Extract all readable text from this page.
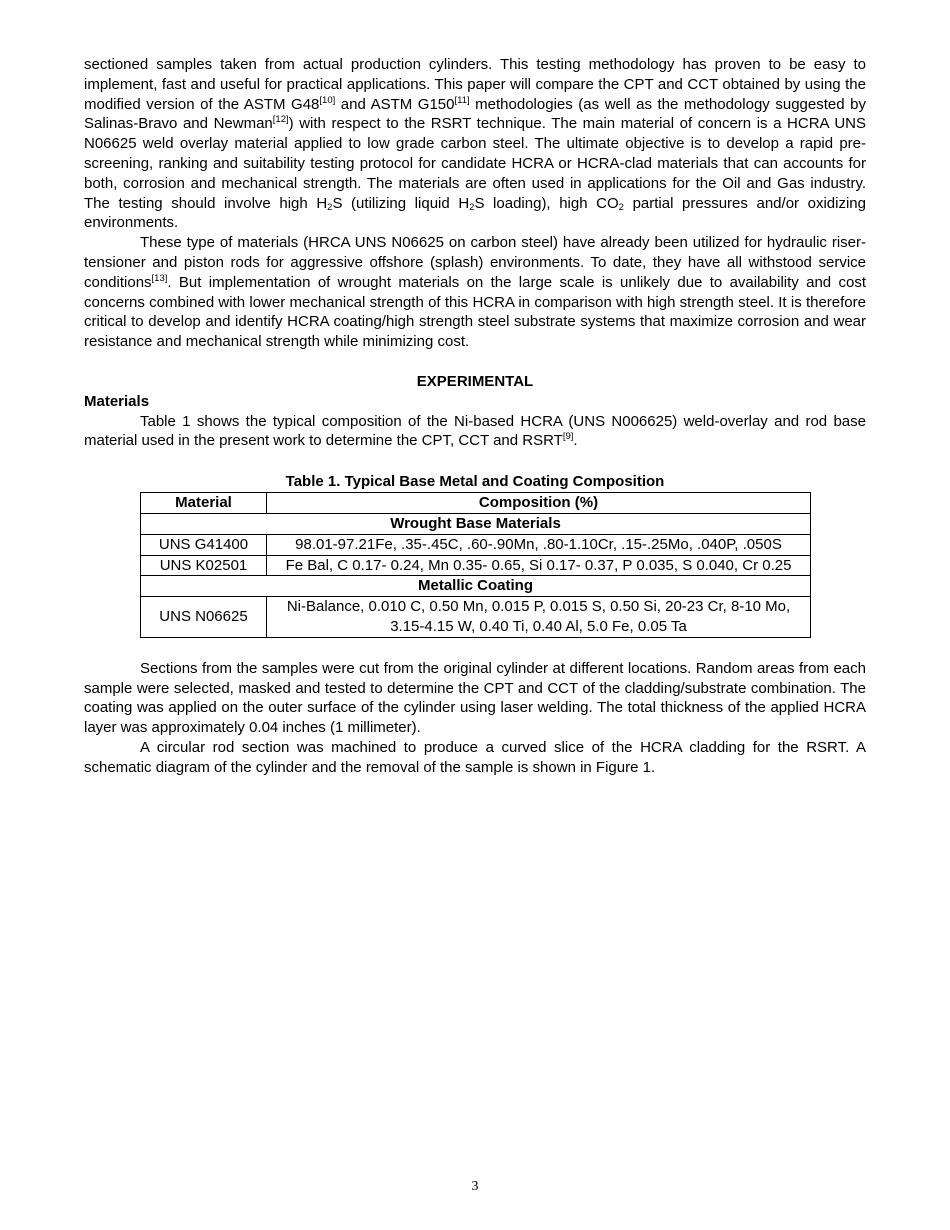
sectioned samples taken from actual production cylinders. This testing methodology has proven to be easy to implement, fast and useful for practical applications. This paper will compare the CPT and CCT obtained by using the modified version of the ASTM G48[10] and ASTM G150[11] methodologies (as well as the methodology suggested by Salinas-Bravo and Newman[12]) with respect to the RSRT technique. The main material of concern is a HCRA UNS N06625 weld overlay material applied to low grade carbon steel. The ultimate objective is to develop a rapid pre-screening, ranking and suitability testing protocol for candidate HCRA or HCRA-clad materials that can accounts for both, corrosion and mechanical strength. The materials are often used in applications for the Oil and Gas industry. The testing should involve high $H_2S$ (utilizing liquid $H_2S$ loading), high $CO_2$ partial pressures and/or oxidizing environments.

These type of materials (HRCA UNS N06625 on carbon steel) have already been utilized for hydraulic riser-tensioner and piston rods for aggressive offshore (splash) environments. To date, they have all withstood service conditions[13]. But implementation of wrought materials on the large scale is unlikely due to availability and cost concerns combined with lower mechanical strength of this HCRA in comparison with high strength steel. It is therefore critical to develop and identify HCRA coating/high strength steel substrate systems that maximize corrosion and wear resistance and mechanical strength while minimizing cost.

EXPERIMENTAL
Materials

Table 1 shows the typical composition of the Ni-based HCRA (UNS N006625) weld-overlay and rod base material used in the present work to determine the CPT, CCT and RSRT[9].

Table 1. Typical Base Metal and Coating Composition
Material	Composition (%)
Wrought Base Materials	
UNS G41400	98.01-97.21Fe, .35-.45C, .60-.90Mn, .80-1.10Cr, .15-.25Mo, .040P, .050S
UNS K02501	Fe Bal, C 0.17- 0.24, Mn 0.35- 0.65, Si 0.17- 0.37, P 0.035, S 0.040, Cr 0.25
Metallic Coating	
UNS N06625	Ni-Balance, 0.010 C, 0.50 Mn, 0.015 P, 0.015 S, 0.50 Si, 20-23 Cr, 8-10 Mo, 3.15-4.15 W, 0.40 Ti, 0.40 Al, 5.0 Fe, 0.05 Ta

Sections from the samples were cut from the original cylinder at different locations. Random areas from each sample were selected, masked and tested to determine the CPT and CCT of the cladding/substrate combination. The coating was applied on the outer surface of the cylinder using laser welding. The total thickness of the applied HCRA layer was approximately 0.04 inches (1 millimeter).

A circular rod section was machined to produce a curved slice of the HCRA cladding for the RSRT. A schematic diagram of the cylinder and the removal of the sample is shown in Figure 1.

3
